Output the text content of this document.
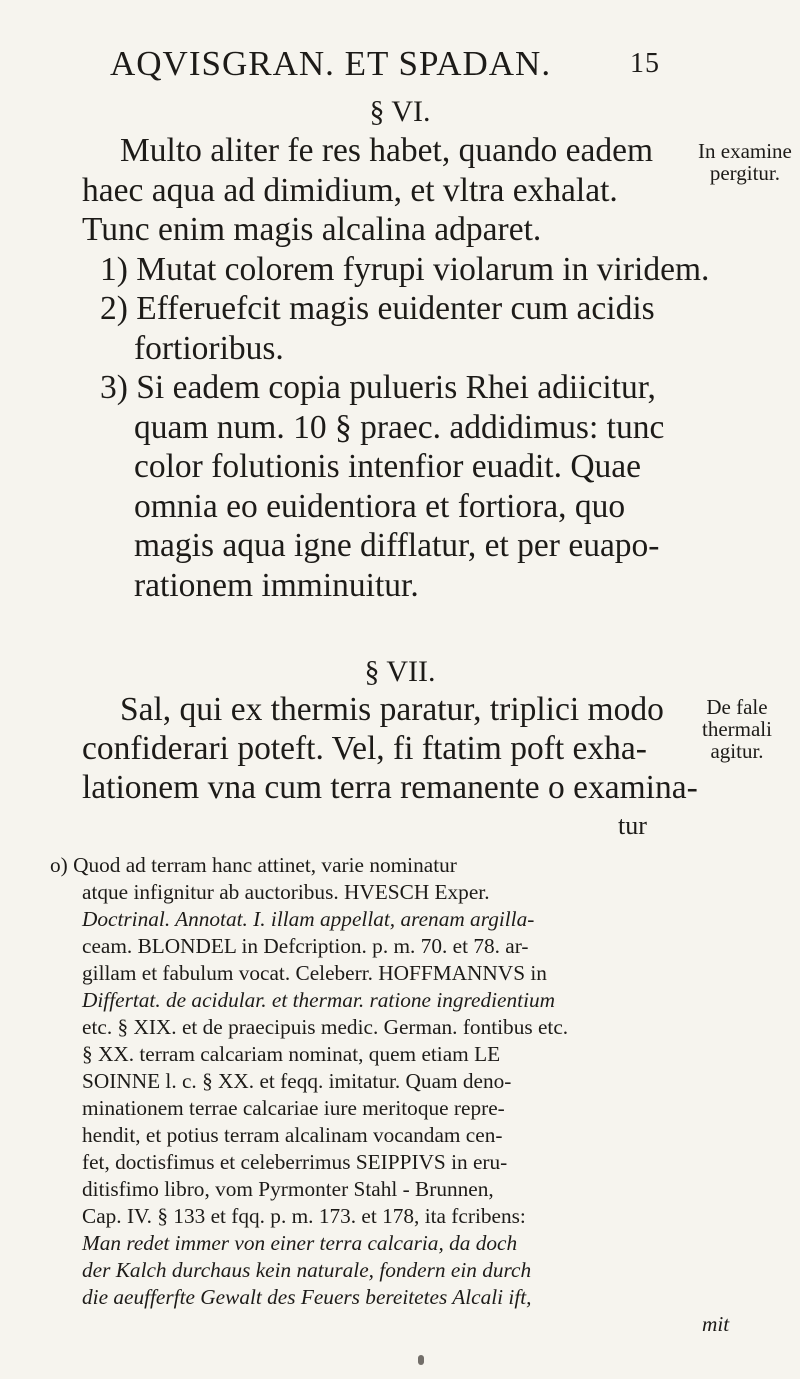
AQVISGRAN. ET SPADAN.	15
§ VI.
Multo aliter fe res habet, quando eadem
haec aqua ad dimidium, et vltra exhalat.
Tunc enim magis alcalina adparet.
1) Mutat colorem fyrupi violarum in viridem.
2) Efferuefcit magis euidenter cum acidis
fortioribus.
3) Si eadem copia pulueris Rhei adiicitur,
quam num. 10 § praec. addidimus: tunc
color folutionis intenfior euadit. Quae
omnia eo euidentiora et fortiora, quo
magis aqua igne difflatur, et per euapo-
rationem imminuitur.
In examine
pergitur.
§ VII.
Sal, qui ex thermis paratur, triplici modo
confiderari poteft. Vel, fi ftatim poft exha-
lationem vna cum terra remanente o examina-
tur
De fale
thermali
agitur.
o) Quod ad terram hanc attinet, varie nominatur
atque infignitur ab auctoribus. HVESCH Exper.
Doctrinal. Annotat. I. illam appellat, arenam argilla-
ceam. BLONDEL in Defcription. p. m. 70. et 78. ar-
gillam et fabulum vocat. Celeberr. HOFFMANNVS in
Differtat. de acidular. et thermar. ratione ingredientium
etc. § XIX. et de praecipuis medic. German. fontibus etc.
§ XX. terram calcariam nominat, quem etiam LE
SOINNE l. c. § XX. et feqq. imitatur. Quam deno-
minationem terrae calcariae iure meritoque repre-
hendit, et potius terram alcalinam vocandam cen-
fet, doctisfimus et celeberrimus SEIPPIVS in eru-
ditisfimo libro, vom Pyrmonter Stahl - Brunnen,
Cap. IV. § 133 et fqq. p. m. 173. et 178, ita fcribens:
Man redet immer von einer terra calcaria, da doch
der Kalch durchaus kein naturale, fondern ein durch
die aeufferfte Gewalt des Feuers bereitetes Alcali ift,
mit
